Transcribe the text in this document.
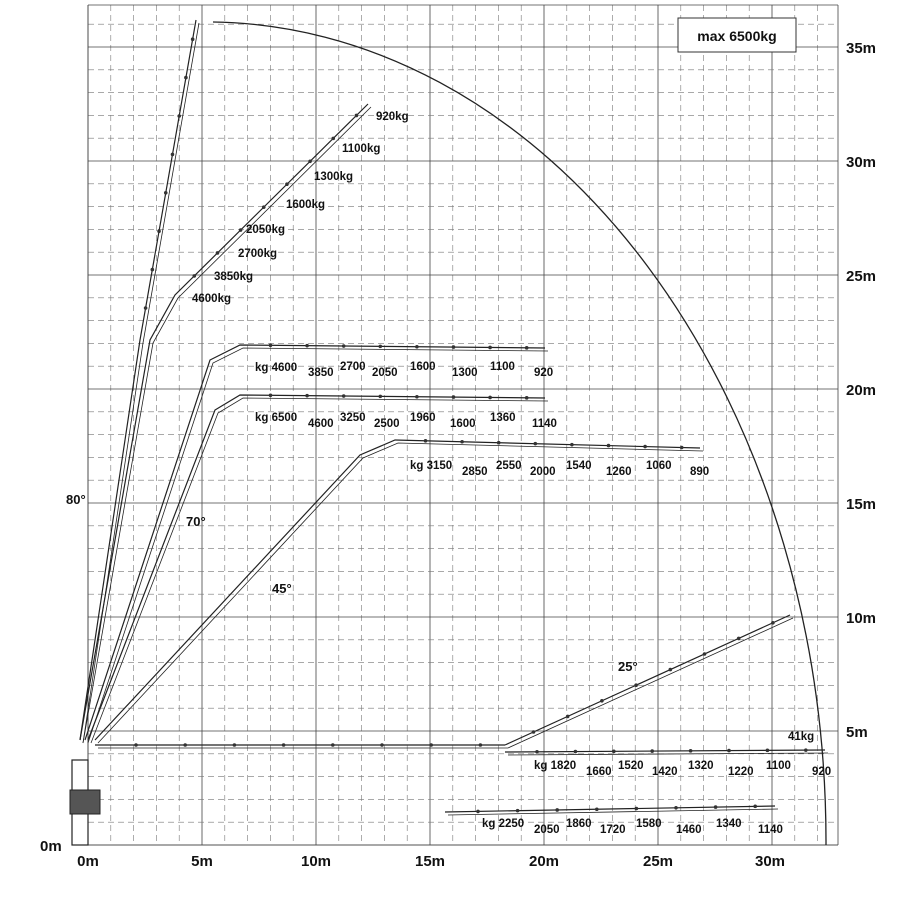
max 6500kg
0m	5m	10m	15m	20m	25m	30m
0m
5m
10m
15m
20m
25m
30m
35m
80°
70°
45°
25°
920kg
1100kg
1300kg
1600kg
2050kg
2700kg
3850kg
4600kg
kg 4600 3850 2700 2050 1600 1300 1100 920
kg 6500 4600 3250 2500 1960 1600 1360 1140
kg 3150 2850 2550 2000 1540 1260 1060 890
41kg
kg 1820 1660 1520 1420 1320 1220 1100 920
kg 2250 2050 1860 1720 1580 1460 1340 1140
